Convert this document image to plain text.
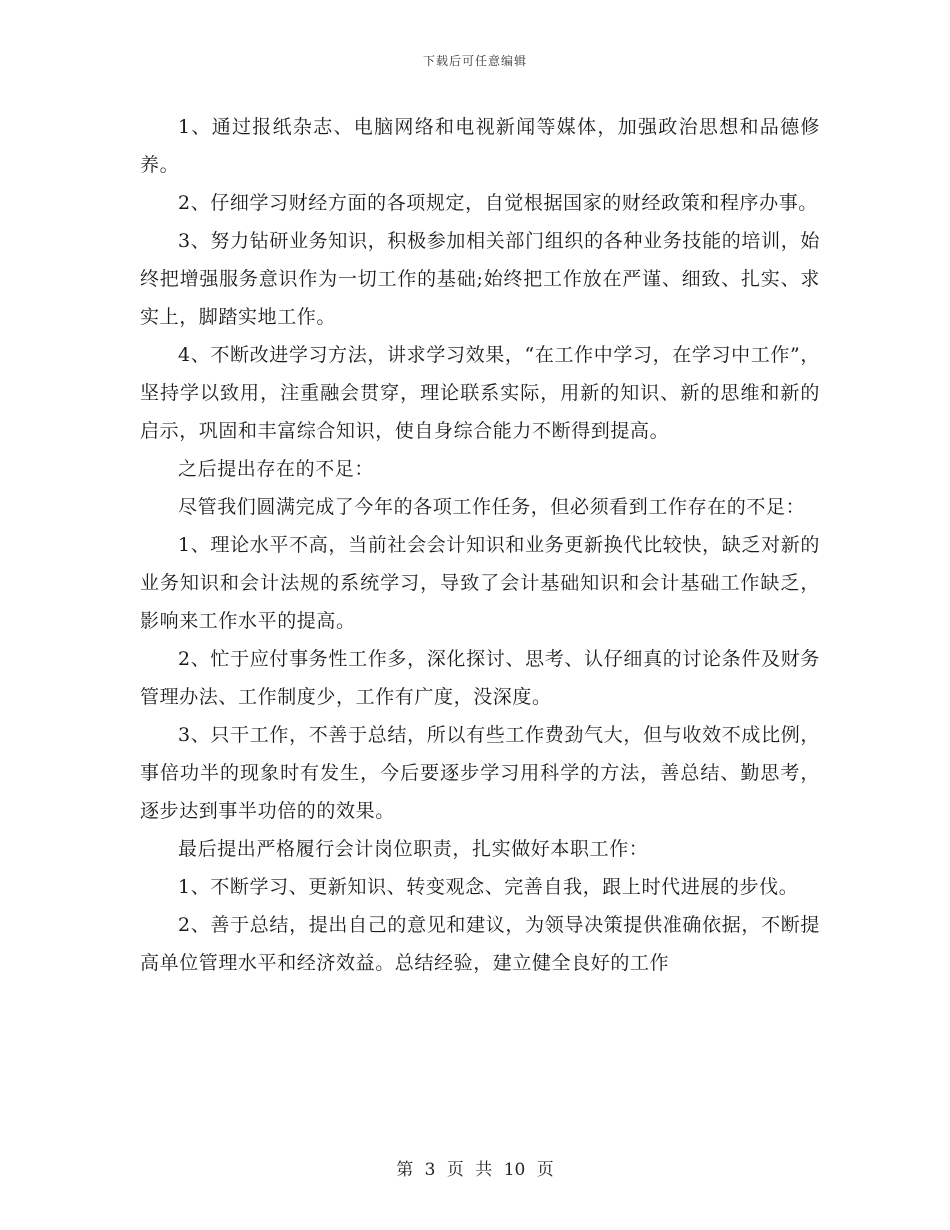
下载后可任意编辑

1、通过报纸杂志、电脑网络和电视新闻等媒体，加强政治思想和品德修养。

2、仔细学习财经方面的各项规定，自觉根据国家的财经政策和程序办事。

3、努力钻研业务知识，积极参加相关部门组织的各种业务技能的培训，始终把增强服务意识作为一切工作的基础;始终把工作放在严谨、细致、扎实、求实上，脚踏实地工作。

4、不断改进学习方法，讲求学习效果，“在工作中学习，在学习中工作”，坚持学以致用，注重融会贯穿，理论联系实际，用新的知识、新的思维和新的启示，巩固和丰富综合知识，使自身综合能力不断得到提高。

之后提出存在的不足：

尽管我们圆满完成了今年的各项工作任务，但必须看到工作存在的不足：

1、理论水平不高，当前社会会计知识和业务更新换代比较快，缺乏对新的业务知识和会计法规的系统学习，导致了会计基础知识和会计基础工作缺乏，影响来工作水平的提高。

2、忙于应付事务性工作多，深化探讨、思考、认仔细真的讨论条件及财务管理办法、工作制度少，工作有广度，没深度。

3、只干工作，不善于总结，所以有些工作费劲气大，但与收效不成比例，事倍功半的现象时有发生，今后要逐步学习用科学的方法，善总结、勤思考，逐步达到事半功倍的的效果。

最后提出严格履行会计岗位职责，扎实做好本职工作：

1、不断学习、更新知识、转变观念、完善自我，跟上时代进展的步伐。

2、善于总结，提出自己的意见和建议，为领导决策提供准确依据，不断提高单位管理水平和经济效益。总结经验，建立健全良好的工作

第 3 页 共 10 页
